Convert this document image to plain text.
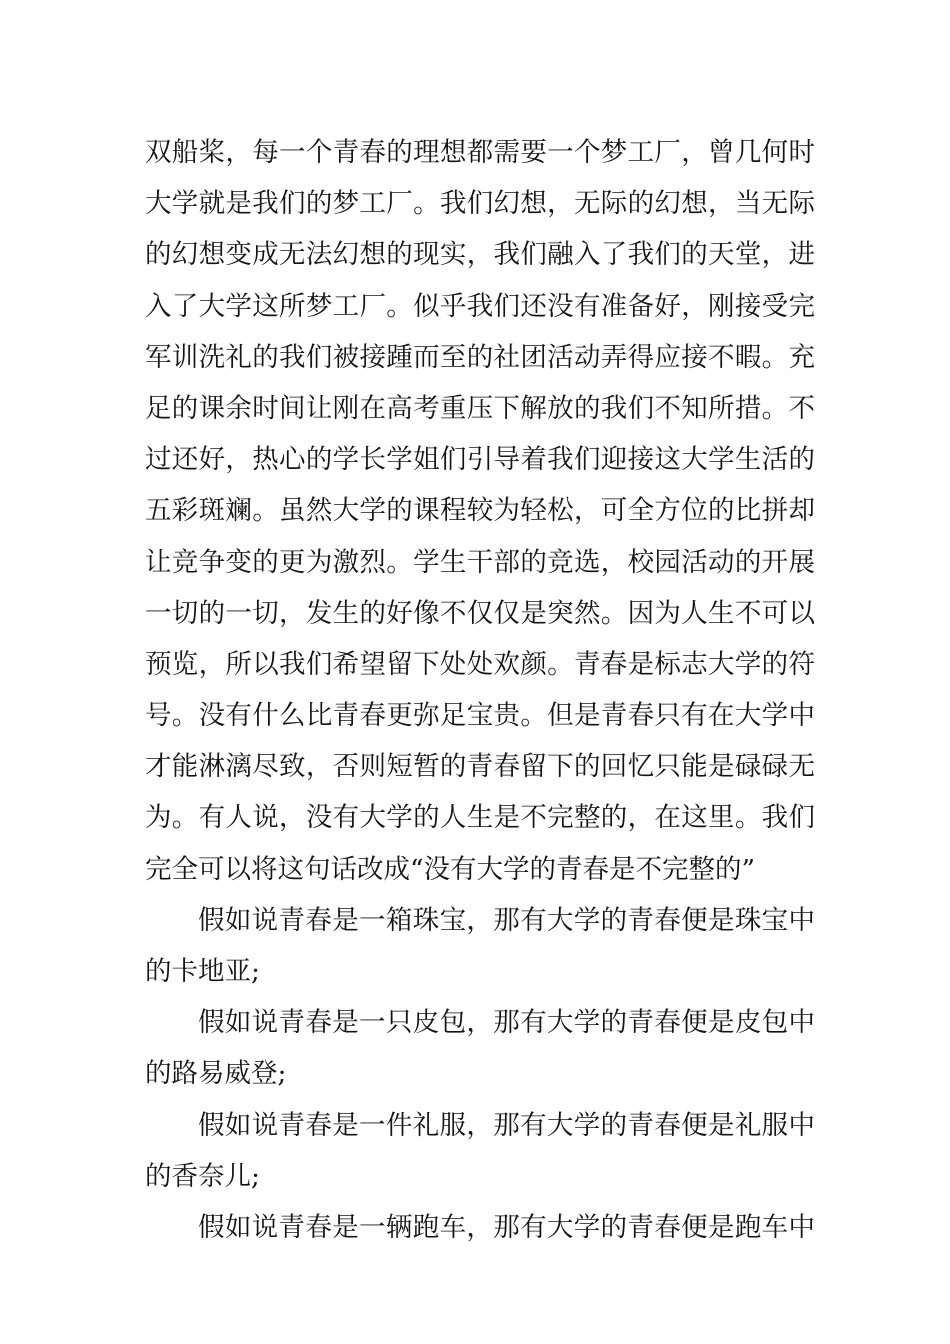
双船桨，每一个青春的理想都需要一个梦工厂，曾几何时
大学就是我们的梦工厂。我们幻想，无际的幻想，当无际
的幻想变成无法幻想的现实，我们融入了我们的天堂，进
入了大学这所梦工厂。似乎我们还没有准备好，刚接受完
军训洗礼的我们被接踵而至的社团活动弄得应接不暇。充
足的课余时间让刚在高考重压下解放的我们不知所措。不
过还好，热心的学长学姐们引导着我们迎接这大学生活的
五彩斑斓。虽然大学的课程较为轻松，可全方位的比拼却
让竞争变的更为激烈。学生干部的竞选，校园活动的开展
一切的一切，发生的好像不仅仅是突然。因为人生不可以
预览，所以我们希望留下处处欢颜。青春是标志大学的符
号。没有什么比青春更弥足宝贵。但是青春只有在大学中
才能淋漓尽致，否则短暂的青春留下的回忆只能是碌碌无
为。有人说，没有大学的人生是不完整的，在这里。我们
完全可以将这句话改成“没有大学的青春是不完整的”
假如说青春是一箱珠宝，那有大学的青春便是珠宝中
的卡地亚;
假如说青春是一只皮包，那有大学的青春便是皮包中
的路易威登;
假如说青春是一件礼服，那有大学的青春便是礼服中
的香奈儿;
假如说青春是一辆跑车，那有大学的青春便是跑车中
